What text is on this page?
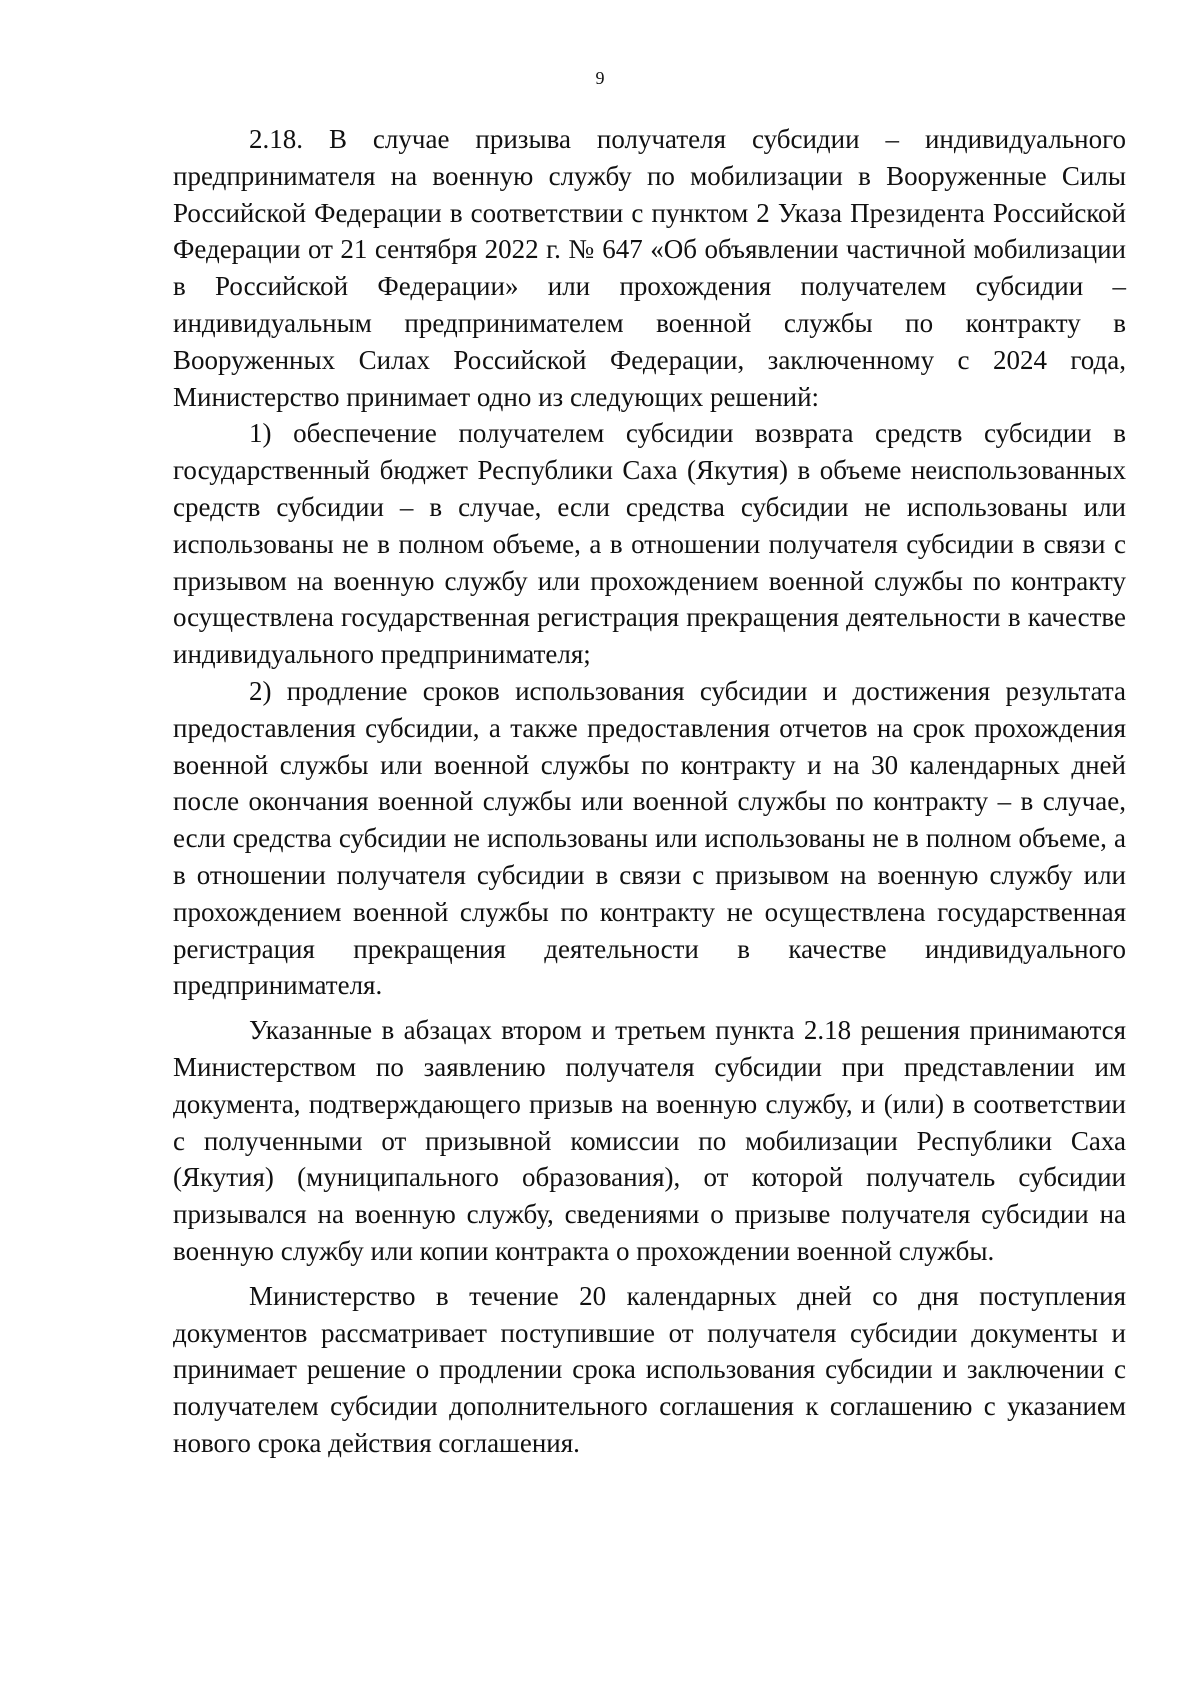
9

2.18. В случае призыва получателя субсидии – индивидуального предпринимателя на военную службу по мобилизации в Вооруженные Силы Российской Федерации в соответствии с пунктом 2 Указа Президента Российской Федерации от 21 сентября 2022 г. № 647 «Об объявлении частичной мобилизации в Российской Федерации» или прохождения получателем субсидии – индивидуальным предпринимателем военной службы по контракту в Вооруженных Силах Российской Федерации, заключенному с 2024 года, Министерство принимает одно из следующих решений:

1) обеспечение получателем субсидии возврата средств субсидии в государственный бюджет Республики Саха (Якутия) в объеме неиспользованных средств субсидии – в случае, если средства субсидии не использованы или использованы не в полном объеме, а в отношении получателя субсидии в связи с призывом на военную службу или прохождением военной службы по контракту осуществлена государственная регистрация прекращения деятельности в качестве индивидуального предпринимателя;

2) продление сроков использования субсидии и достижения результата предоставления субсидии, а также предоставления отчетов на срок прохождения военной службы или военной службы по контракту и на 30 календарных дней после окончания военной службы или военной службы по контракту – в случае, если средства субсидии не использованы или использованы не в полном объеме, а в отношении получателя субсидии в связи с призывом на военную службу или прохождением военной службы по контракту не осуществлена государственная регистрация прекращения деятельности в качестве индивидуального предпринимателя.

Указанные в абзацах втором и третьем пункта 2.18 решения принимаются Министерством по заявлению получателя субсидии при представлении им документа, подтверждающего призыв на военную службу, и (или) в соответствии с полученными от призывной комиссии по мобилизации Республики Саха (Якутия) (муниципального образования), от которой получатель субсидии призывался на военную службу, сведениями о призыве получателя субсидии на военную службу или копии контракта о прохождении военной службы.

Министерство в течение 20 календарных дней со дня поступления документов рассматривает поступившие от получателя субсидии документы и принимает решение о продлении срока использования субсидии и заключении с получателем субсидии дополнительного соглашения к соглашению с указанием нового срока действия соглашения.
